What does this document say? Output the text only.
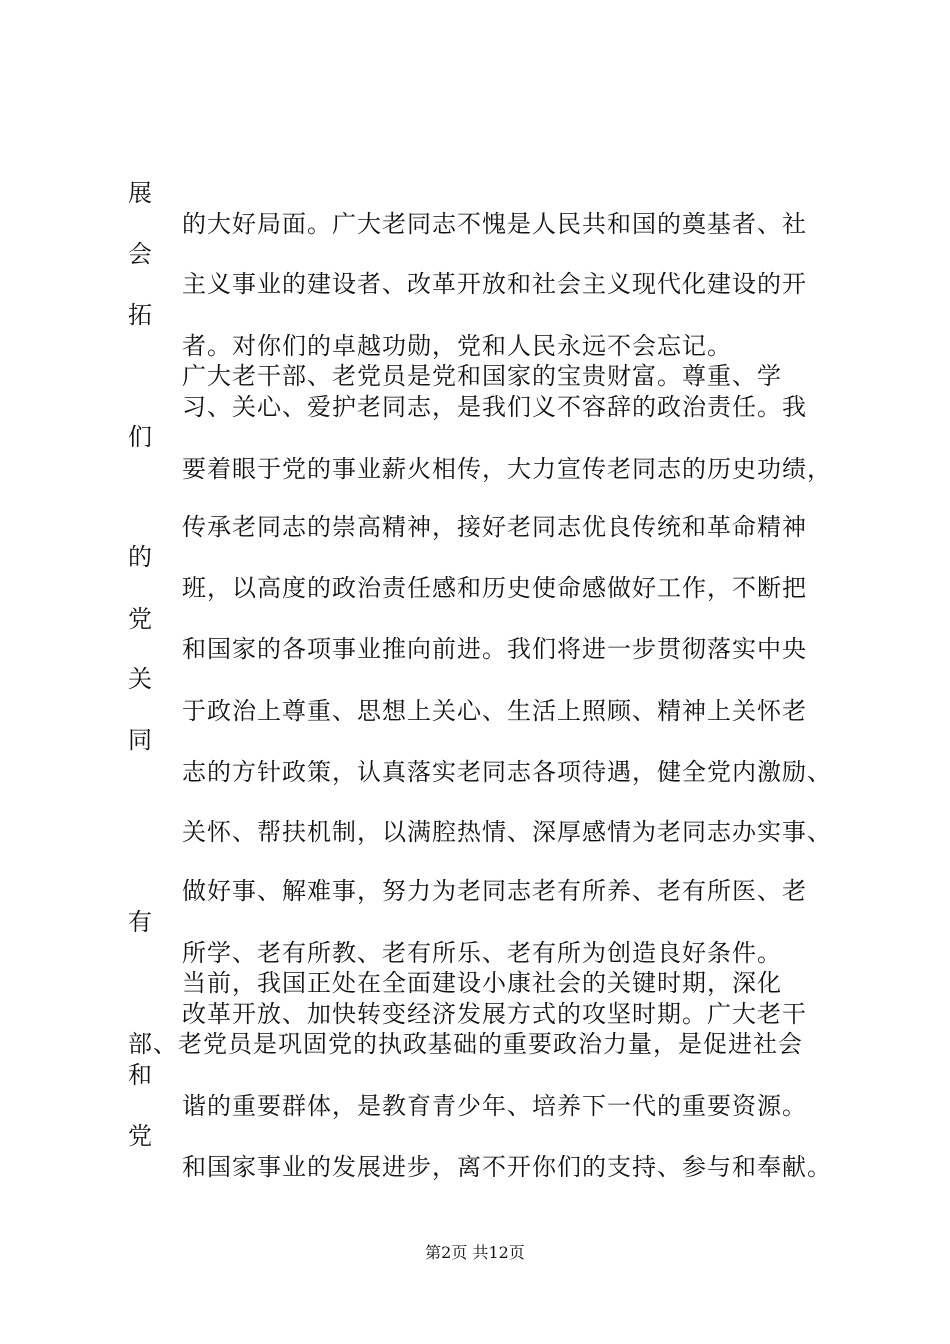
展
的大好局面。广大老同志不愧是人民共和国的奠基者、社
会
主义事业的建设者、改革开放和社会主义现代化建设的开
拓
者。对你们的卓越功勋，党和人民永远不会忘记。
广大老干部、老党员是党和国家的宝贵财富。尊重、学
习、关心、爱护老同志，是我们义不容辞的政治责任。我
们
要着眼于党的事业薪火相传，大力宣传老同志的历史功绩，
传承老同志的崇高精神，接好老同志优良传统和革命精神
的
班，以高度的政治责任感和历史使命感做好工作，不断把
党
和国家的各项事业推向前进。我们将进一步贯彻落实中央
关
于政治上尊重、思想上关心、生活上照顾、精神上关怀老
同
志的方针政策，认真落实老同志各项待遇，健全党内激励、
关怀、帮扶机制，以满腔热情、深厚感情为老同志办实事、
做好事、解难事，努力为老同志老有所养、老有所医、老
有
所学、老有所教、老有所乐、老有所为创造良好条件。
当前，我国正处在全面建设小康社会的关键时期，深化
改革开放、加快转变经济发展方式的攻坚时期。广大老干
部、老党员是巩固党的执政基础的重要政治力量，是促进社会
和
谐的重要群体，是教育青少年、培养下一代的重要资源。
党
和国家事业的发展进步，离不开你们的支持、参与和奉献。
第2页 共12页
